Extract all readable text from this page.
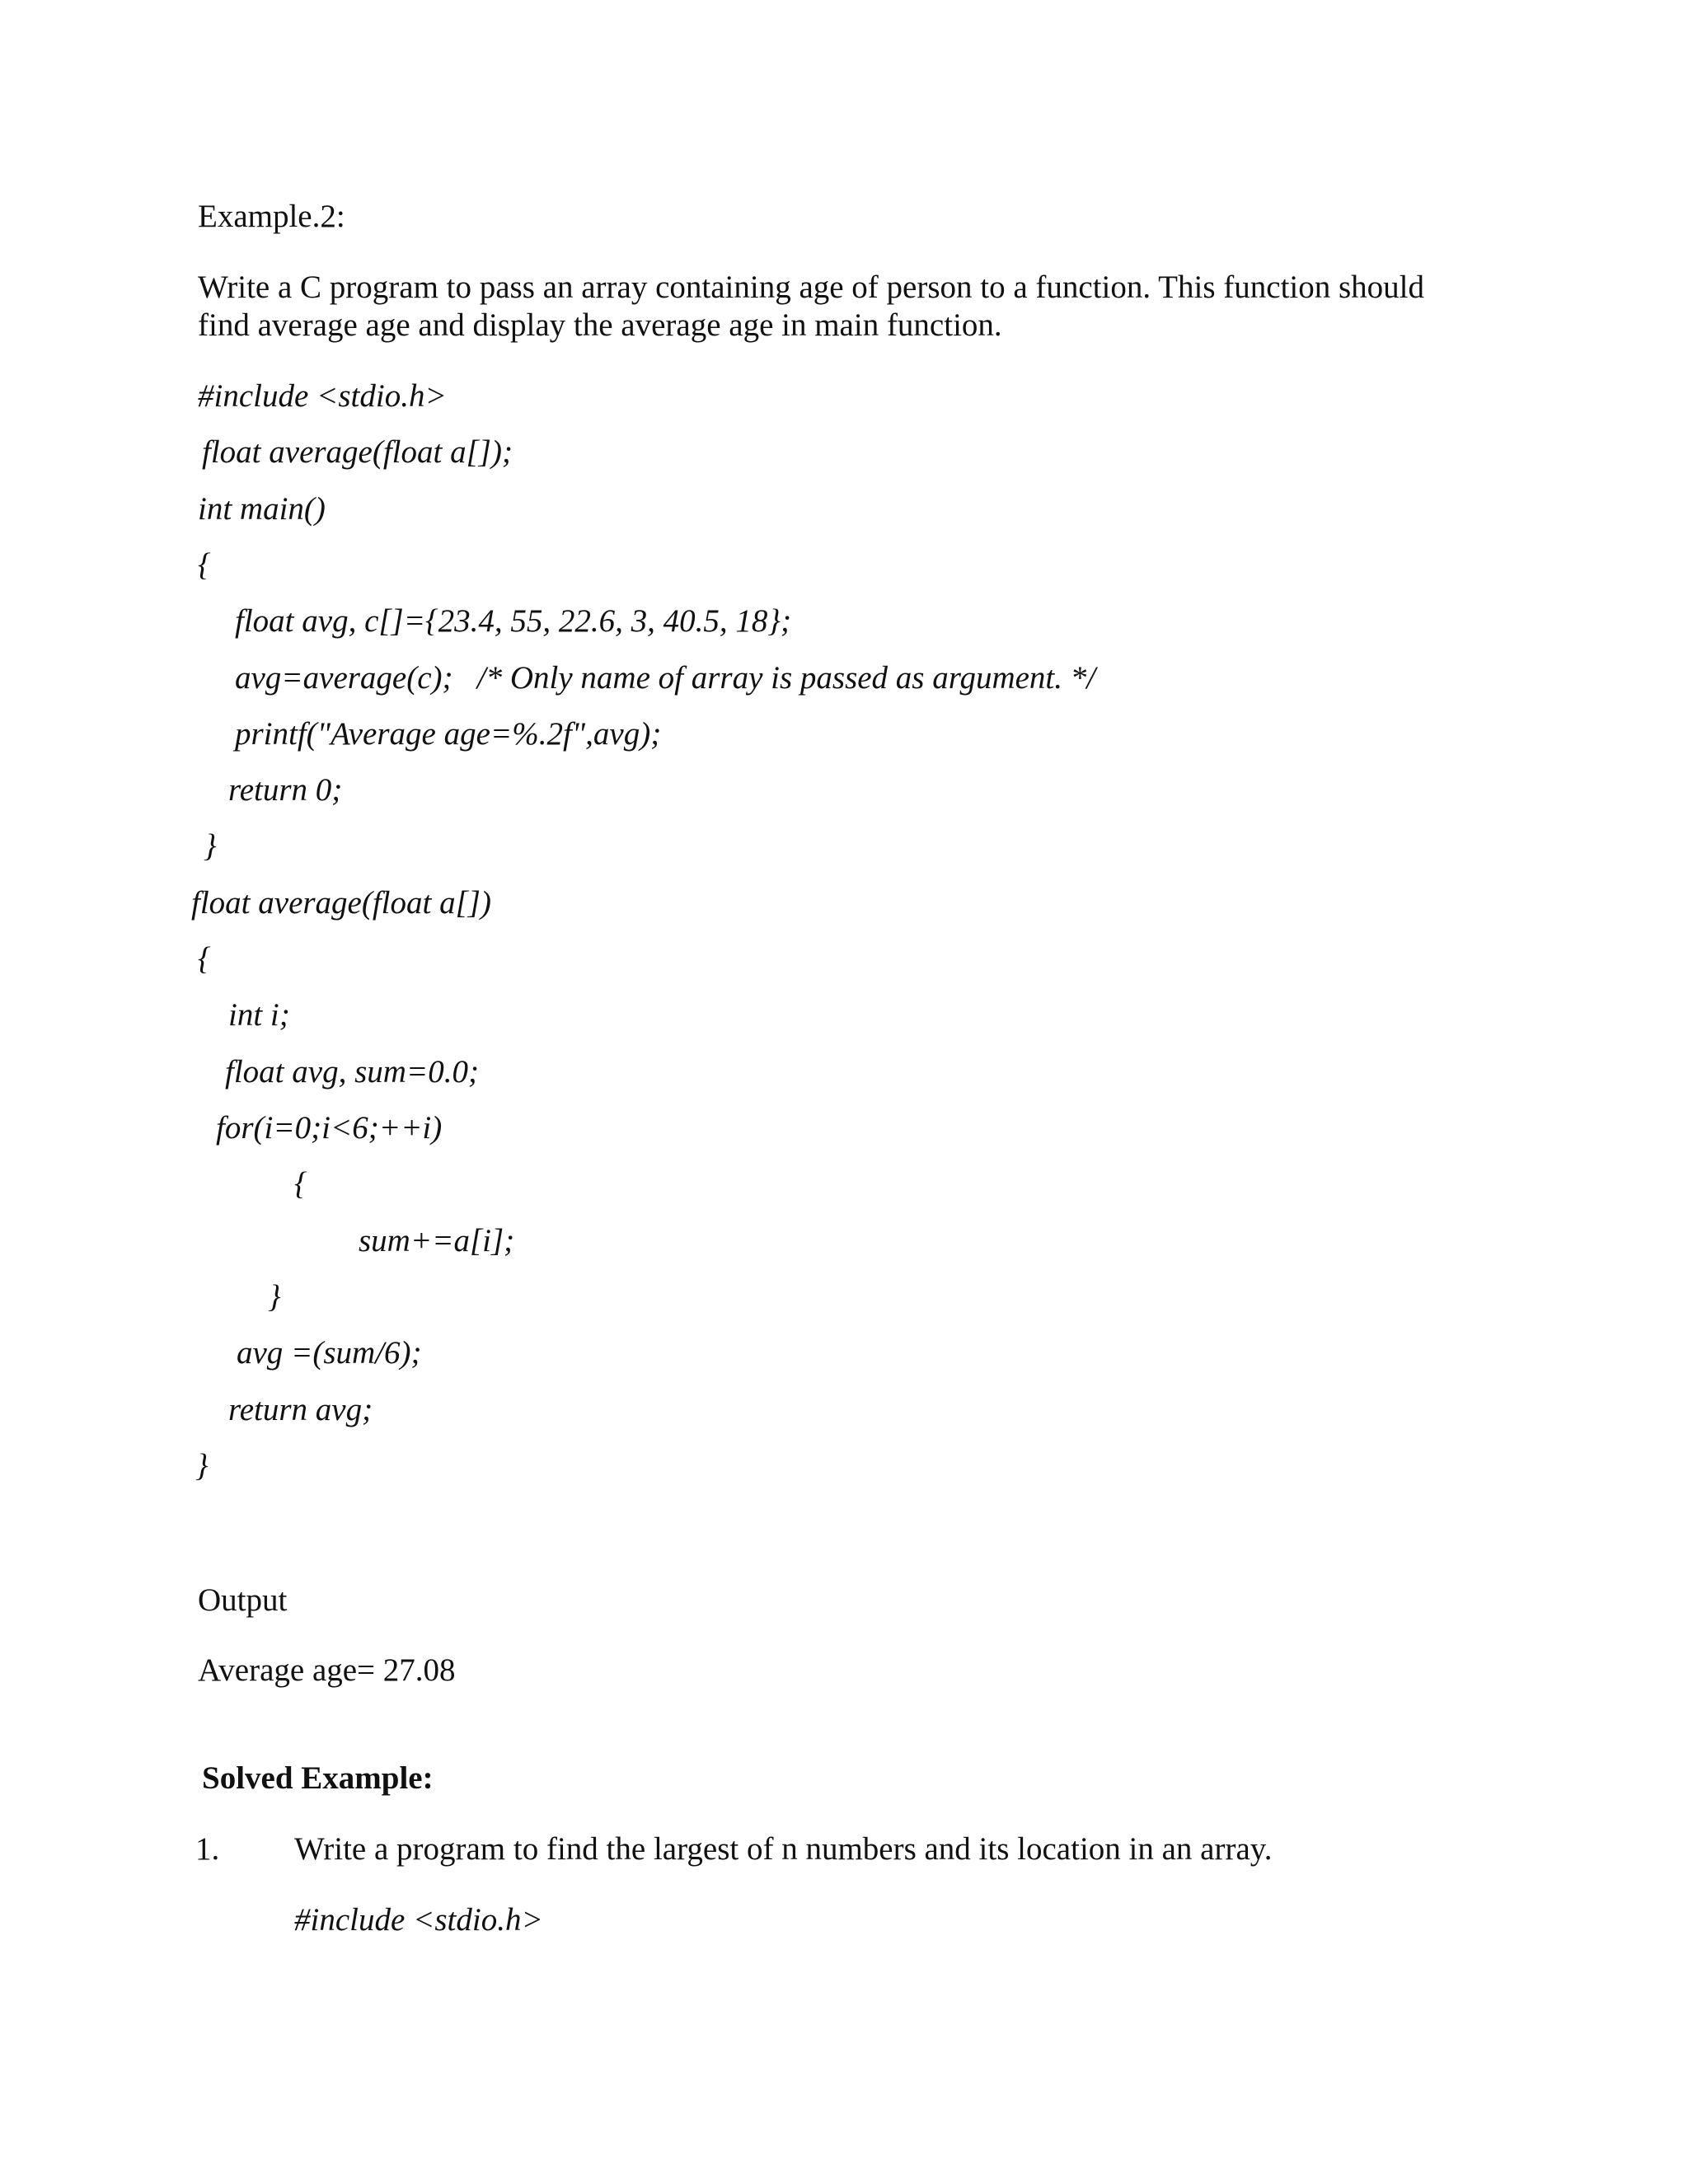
Example.2:
Write a C program to pass an array containing age of person to a function. This function should
find average age and display the average age in main function.
#include <stdio.h>
float average(float a[]);
int main()
{
float avg, c[]={23.4, 55, 22.6, 3, 40.5, 18};
avg=average(c);   /* Only name of array is passed as argument. */
printf("Average age=%.2f",avg);
return 0;
}
float average(float a[])
{
int i;
float avg, sum=0.0;
for(i=0;i<6;++i)
{
sum+=a[i];
}
avg =(sum/6);
return avg;
}
Output
Average age= 27.08
Solved Example:
1. Write a program to find the largest of n numbers and its location in an array.
#include <stdio.h>
